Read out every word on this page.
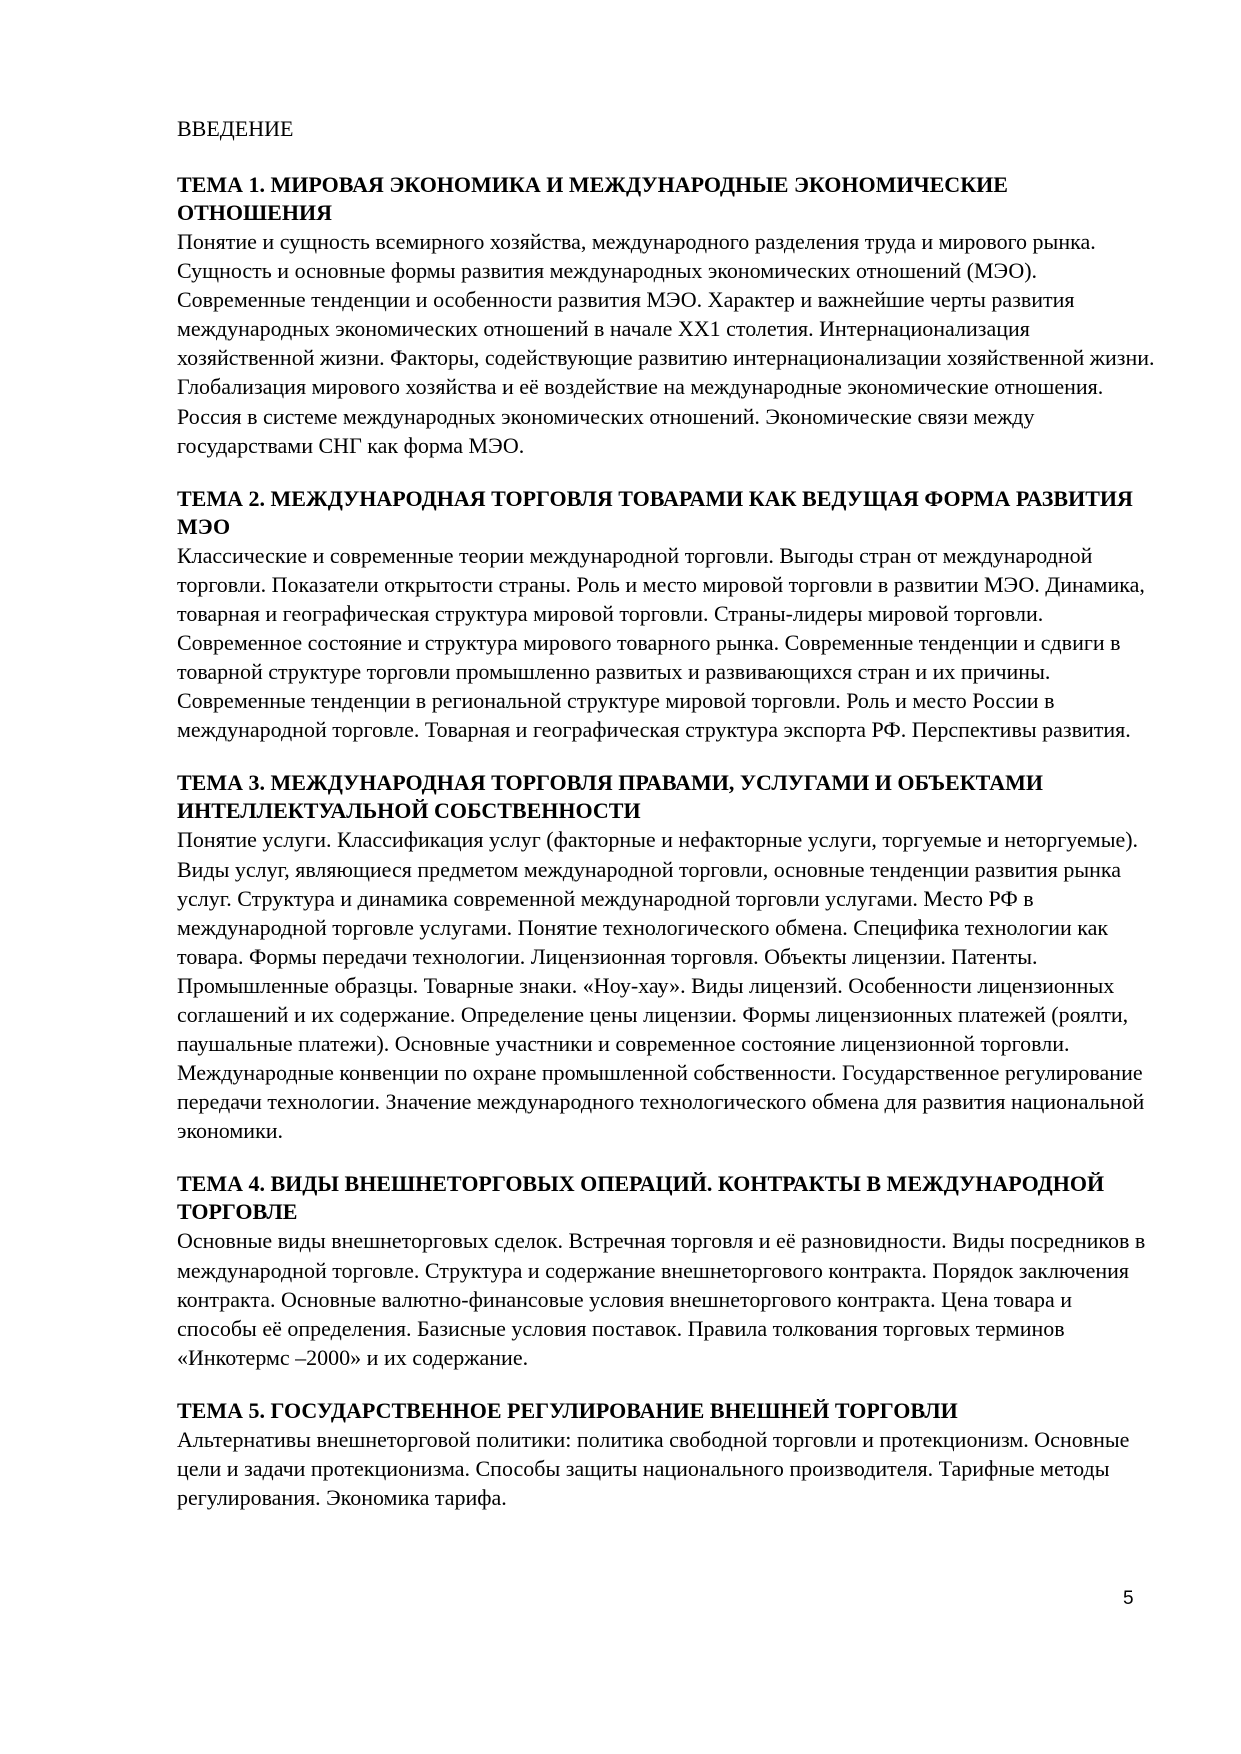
ВВЕДЕНИЕ

ТЕМА 1. МИРОВАЯ ЭКОНОМИКА И МЕЖДУНАРОДНЫЕ ЭКОНОМИЧЕСКИЕ ОТНОШЕНИЯ

Понятие и сущность всемирного хозяйства, международного разделения труда и мирового рынка. Сущность и основные формы развития международных экономических отношений (МЭО). Современные тенденции и особенности развития МЭО. Характер и важнейшие черты развития международных экономических отношений в начале XX1 столетия. Интернационализация хозяйственной жизни. Факторы, содействующие развитию интернационализации хозяйственной жизни. Глобализация мирового хозяйства и её воздействие на международные экономические отношения. Россия в системе международных экономических отношений. Экономические связи между государствами СНГ как форма МЭО.

ТЕМА 2. МЕЖДУНАРОДНАЯ ТОРГОВЛЯ ТОВАРАМИ КАК ВЕДУЩАЯ ФОРМА РАЗВИТИЯ МЭО

Классические и современные теории международной торговли. Выгоды стран от международной торговли. Показатели открытости страны. Роль и место мировой торговли в развитии МЭО. Динамика, товарная и географическая структура мировой торговли. Страны-лидеры мировой торговли. Современное состояние и структура мирового товарного рынка. Современные тенденции и сдвиги в товарной структуре торговли промышленно развитых и развивающихся стран и их причины. Современные тенденции в региональной структуре мировой торговли. Роль и место России в международной торговле. Товарная и географическая структура экспорта РФ. Перспективы развития.

ТЕМА 3. МЕЖДУНАРОДНАЯ ТОРГОВЛЯ ПРАВАМИ, УСЛУГАМИ И ОБЪЕКТАМИ ИНТЕЛЛЕКТУАЛЬНОЙ СОБСТВЕННОСТИ

Понятие услуги. Классификация услуг (факторные и нефакторные услуги, торгуемые и неторгуемые). Виды услуг, являющиеся предметом международной торговли, основные тенденции развития рынка услуг. Структура и динамика современной международной торговли услугами. Место РФ в международной торговле услугами. Понятие технологического обмена. Специфика технологии как товара. Формы передачи технологии. Лицензионная торговля. Объекты лицензии. Патенты. Промышленные образцы. Товарные знаки. «Ноу-хау». Виды лицензий. Особенности лицензионных соглашений и их содержание. Определение цены лицензии. Формы лицензионных платежей (роялти, паушальные платежи). Основные участники и современное состояние лицензионной торговли. Международные конвенции по охране промышленной собственности. Государственное регулирование передачи технологии. Значение международного технологического обмена для развития национальной экономики.

ТЕМА 4. ВИДЫ ВНЕШНЕТОРГОВЫХ ОПЕРАЦИЙ. КОНТРАКТЫ В МЕЖДУНАРОДНОЙ ТОРГОВЛЕ

Основные виды внешнеторговых сделок. Встречная торговля и её разновидности. Виды посредников в международной торговле. Структура и содержание внешнеторгового контракта. Порядок заключения контракта. Основные валютно-финансовые условия внешнеторгового контракта. Цена товара и способы её определения. Базисные условия поставок. Правила толкования торговых терминов «Инкотермс –2000» и их содержание.

ТЕМА 5. ГОСУДАРСТВЕННОЕ РЕГУЛИРОВАНИЕ ВНЕШНЕЙ ТОРГОВЛИ

Альтернативы внешнеторговой политики: политика свободной торговли и протекционизм. Основные цели и задачи протекционизма. Способы защиты национального производителя. Тарифные методы регулирования. Экономика тарифа.

5
